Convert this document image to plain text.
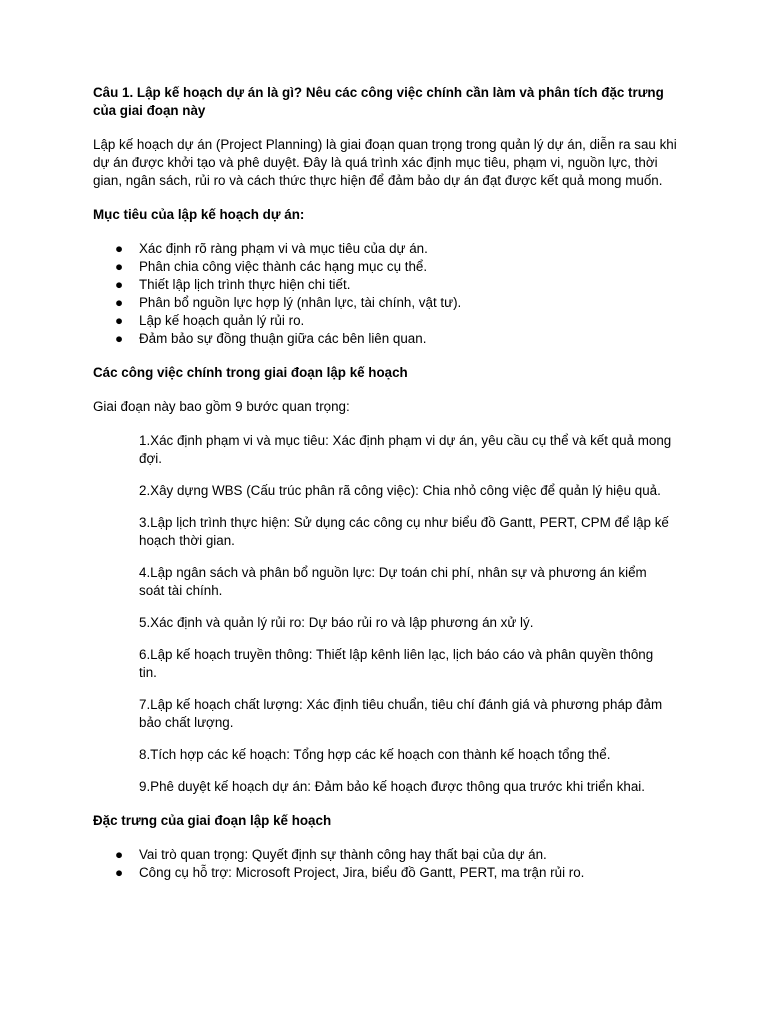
Câu 1. Lập kế hoạch dự án là gì? Nêu các công việc chính cần làm và phân tích đặc trưng của giai đoạn này

Lập kế hoạch dự án (Project Planning) là giai đoạn quan trọng trong quản lý dự án, diễn ra sau khi dự án được khởi tạo và phê duyệt. Đây là quá trình xác định mục tiêu, phạm vi, nguồn lực, thời gian, ngân sách, rủi ro và cách thức thực hiện để đảm bảo dự án đạt được kết quả mong muốn.

Mục tiêu của lập kế hoạch dự án:

● Xác định rõ ràng phạm vi và mục tiêu của dự án.
● Phân chia công việc thành các hạng mục cụ thể.
● Thiết lập lịch trình thực hiện chi tiết.
● Phân bổ nguồn lực hợp lý (nhân lực, tài chính, vật tư).
● Lập kế hoạch quản lý rủi ro.
● Đảm bảo sự đồng thuận giữa các bên liên quan.

Các công việc chính trong giai đoạn lập kế hoạch

Giai đoạn này bao gồm 9 bước quan trọng:

1.Xác định phạm vi và mục tiêu: Xác định phạm vi dự án, yêu cầu cụ thể và kết quả mong đợi.

2.Xây dựng WBS (Cấu trúc phân rã công việc): Chia nhỏ công việc để quản lý hiệu quả.

3.Lập lịch trình thực hiện: Sử dụng các công cụ như biểu đồ Gantt, PERT, CPM để lập kế hoạch thời gian.

4.Lập ngân sách và phân bổ nguồn lực: Dự toán chi phí, nhân sự và phương án kiểm soát tài chính.

5.Xác định và quản lý rủi ro: Dự báo rủi ro và lập phương án xử lý.

6.Lập kế hoạch truyền thông: Thiết lập kênh liên lạc, lịch báo cáo và phân quyền thông tin.

7.Lập kế hoạch chất lượng: Xác định tiêu chuẩn, tiêu chí đánh giá và phương pháp đảm bảo chất lượng.

8.Tích hợp các kế hoạch: Tổng hợp các kế hoạch con thành kế hoạch tổng thể.

9.Phê duyệt kế hoạch dự án: Đảm bảo kế hoạch được thông qua trước khi triển khai.

Đặc trưng của giai đoạn lập kế hoạch

● Vai trò quan trọng: Quyết định sự thành công hay thất bại của dự án.
● Công cụ hỗ trợ: Microsoft Project, Jira, biểu đồ Gantt, PERT, ma trận rủi ro.
